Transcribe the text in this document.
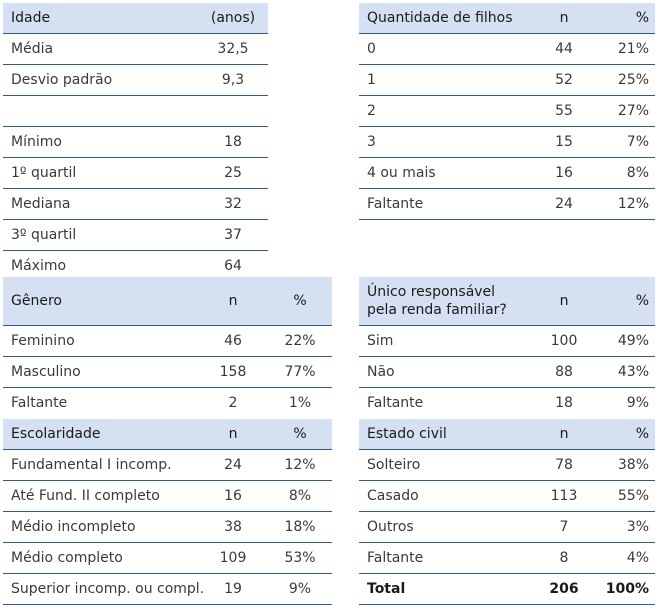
Idade	(anos)
Média	32,5
Desvio padrão	9,3

Mínimo	18
1º quartil	25
Mediana	32
3º quartil	37
Máximo	64
Quantidade de filhos	n	%
0	44	21%
1	52	25%
2	55	27%
3	15	7%
4 ou mais	16	8%
Faltante	24	12%
Gênero	n	%
Feminino	46	22%
Masculino	158	77%
Faltante	2	1%
Único responsável pela renda familiar?	n	%
Sim	100	49%
Não	88	43%
Faltante	18	9%
Escolaridade	n	%
Fundamental I incomp.	24	12%
Até Fund. II completo	16	8%
Médio incompleto	38	18%
Médio completo	109	53%
Superior incomp. ou compl.	19	9%
Estado civil	n	%
Solteiro	78	38%
Casado	113	55%
Outros	7	3%
Faltante	8	4%
Total	206	100%
